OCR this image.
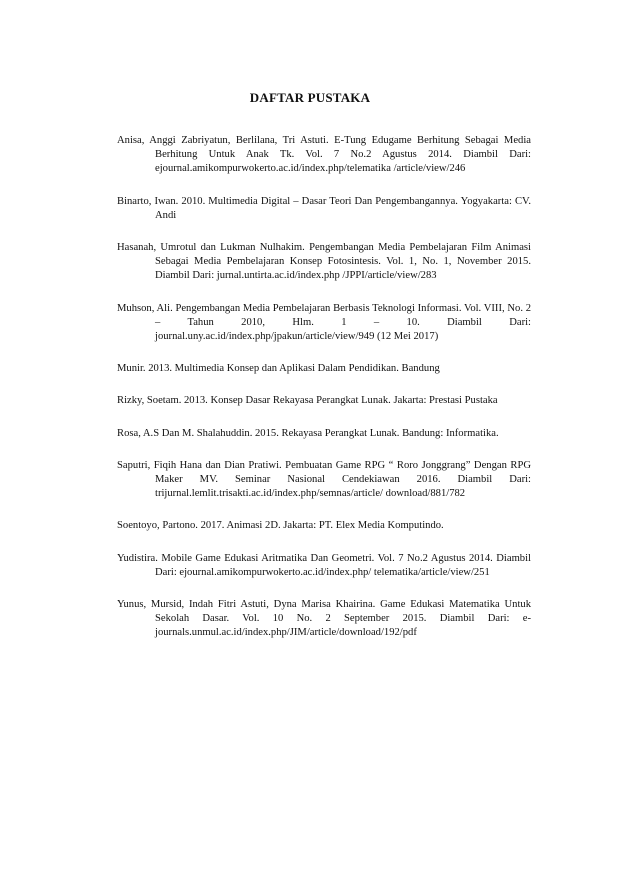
DAFTAR PUSTAKA

Anisa, Anggi Zabriyatun, Berlilana, Tri Astuti. E-Tung Edugame Berhitung Sebagai Media Berhitung Untuk Anak Tk. Vol. 7 No.2 Agustus 2014. Diambil Dari: ejournal.amikompurwokerto.ac.id/index.php/telematika /article/view/246

Binarto, Iwan. 2010. Multimedia Digital – Dasar Teori Dan Pengembangannya. Yogyakarta: CV. Andi

Hasanah, Umrotul dan Lukman Nulhakim. Pengembangan Media Pembelajaran Film Animasi Sebagai Media Pembelajaran Konsep Fotosintesis. Vol. 1, No. 1, November 2015. Diambil Dari: jurnal.untirta.ac.id/index.php /JPPI/article/view/283

Muhson, Ali. Pengembangan Media Pembelajaran Berbasis Teknologi Informasi. Vol. VIII, No. 2 – Tahun 2010, Hlm. 1 – 10. Diambil Dari: journal.uny.ac.id/index.php/jpakun/article/view/949 (12 Mei 2017)

Munir. 2013. Multimedia Konsep dan Aplikasi Dalam Pendidikan. Bandung

Rizky, Soetam. 2013. Konsep Dasar Rekayasa Perangkat Lunak. Jakarta: Prestasi Pustaka

Rosa, A.S Dan M. Shalahuddin. 2015. Rekayasa Perangkat Lunak. Bandung: Informatika.

Saputri, Fiqih Hana dan Dian Pratiwi. Pembuatan Game RPG “ Roro Jonggrang” Dengan RPG Maker MV. Seminar Nasional Cendekiawan 2016. Diambil Dari: trijurnal.lemlit.trisakti.ac.id/index.php/semnas/article/ download/881/782

Soentoyo, Partono. 2017. Animasi 2D. Jakarta: PT. Elex Media Komputindo.

Yudistira. Mobile Game Edukasi Aritmatika Dan Geometri. Vol. 7 No.2 Agustus 2014. Diambil Dari: ejournal.amikompurwokerto.ac.id/index.php/ telematika/article/view/251

Yunus, Mursid, Indah Fitri Astuti, Dyna Marisa Khairina. Game Edukasi Matematika Untuk Sekolah Dasar. Vol. 10 No. 2 September 2015. Diambil Dari: e-journals.unmul.ac.id/index.php/JIM/article/download/192/pdf
